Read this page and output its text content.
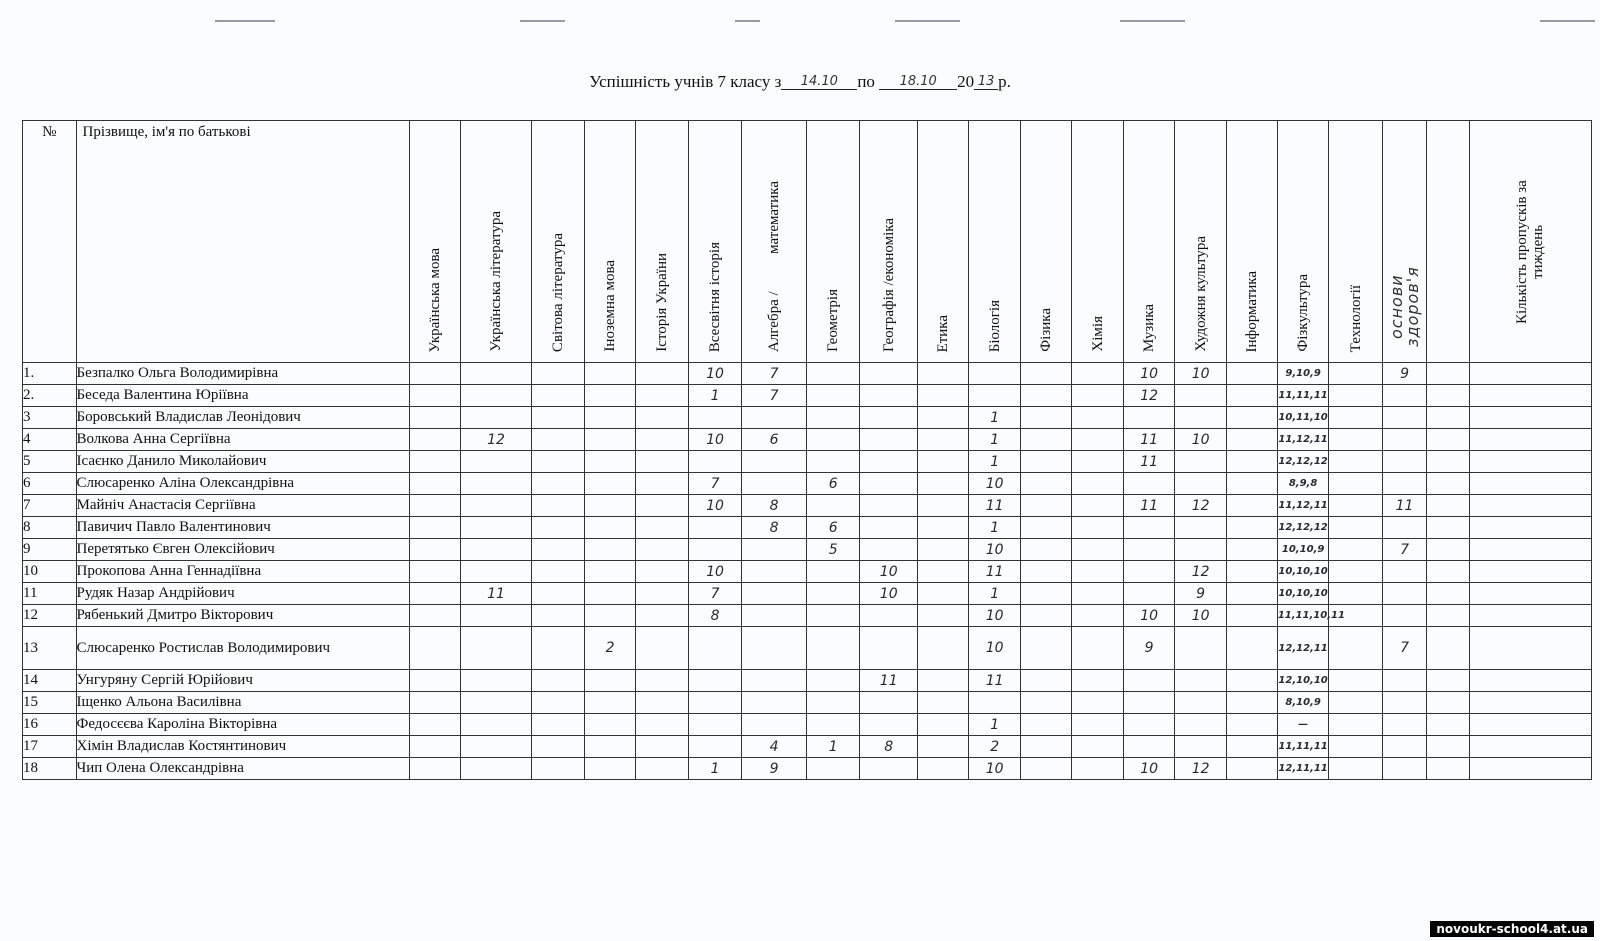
Успішність учнів 7 класу з 14.10 по 18.10 20 13 р.
№	Прізвище, ім'я по батькові	Українська мова	Українська література	Світова література	Іноземна мова	Історія України	Всесвітня історія	Алгебра /          математика	Геометрія	Географія /економіка	Етика	Біологія	Фізика	Хімія	Музика	Художня культура	Інформатика	Фізкультура	Технології	основи здоров'я		Кількість пропусків за тиждень

1.	Безпалко Ольга Володимирівна						10	7							10	10		9,10,9		9		
2.	Беседа Валентина Юріївна						1	7							12			11,11,11				
3	Боровський Владислав Леонідович											1						10,11,10				
4	Волкова Анна Сергіївна		12				10	6				1			11	10		11,12,11				
5	Ісаєнко Данило Миколайович											1			11			12,12,12				
6	Слюсаренко Аліна Олександрівна						7		6			10						8,9,8				
7	Майніч Анастасія Сергіївна						10	8				11			11	12		11,12,11		11		
8	Павичич Павло Валентинович							8	6			1						12,12,12				
9	Перетятько Євген Олексійович								5			10						10,10,9		7		
10	Прокопова Анна Геннадіївна						10			10		11				12		10,10,10				
11	Рудяк Назар Андрійович		11				7			10		1				9		10,10,10				
12	Рябенький Дмитро Вікторович						8					10			10	10		11,11,10,11				
13	Слюсаренко Ростислав Володимирович				2							10			9			12,12,11		7		
14	Унгуряну Сергій Юрійович									11		11						12,10,10				
15	Іщенко Альона Василівна																	8,10,9				
16	Федосєєва Кароліна Вікторівна											1						—				
17	Хімін Владислав Костянтинович							4	1	8		2						11,11,11				
18	Чип Олена Олександрівна						1	9				10			10	12		12,11,11				
novoukr-school4.at.ua
